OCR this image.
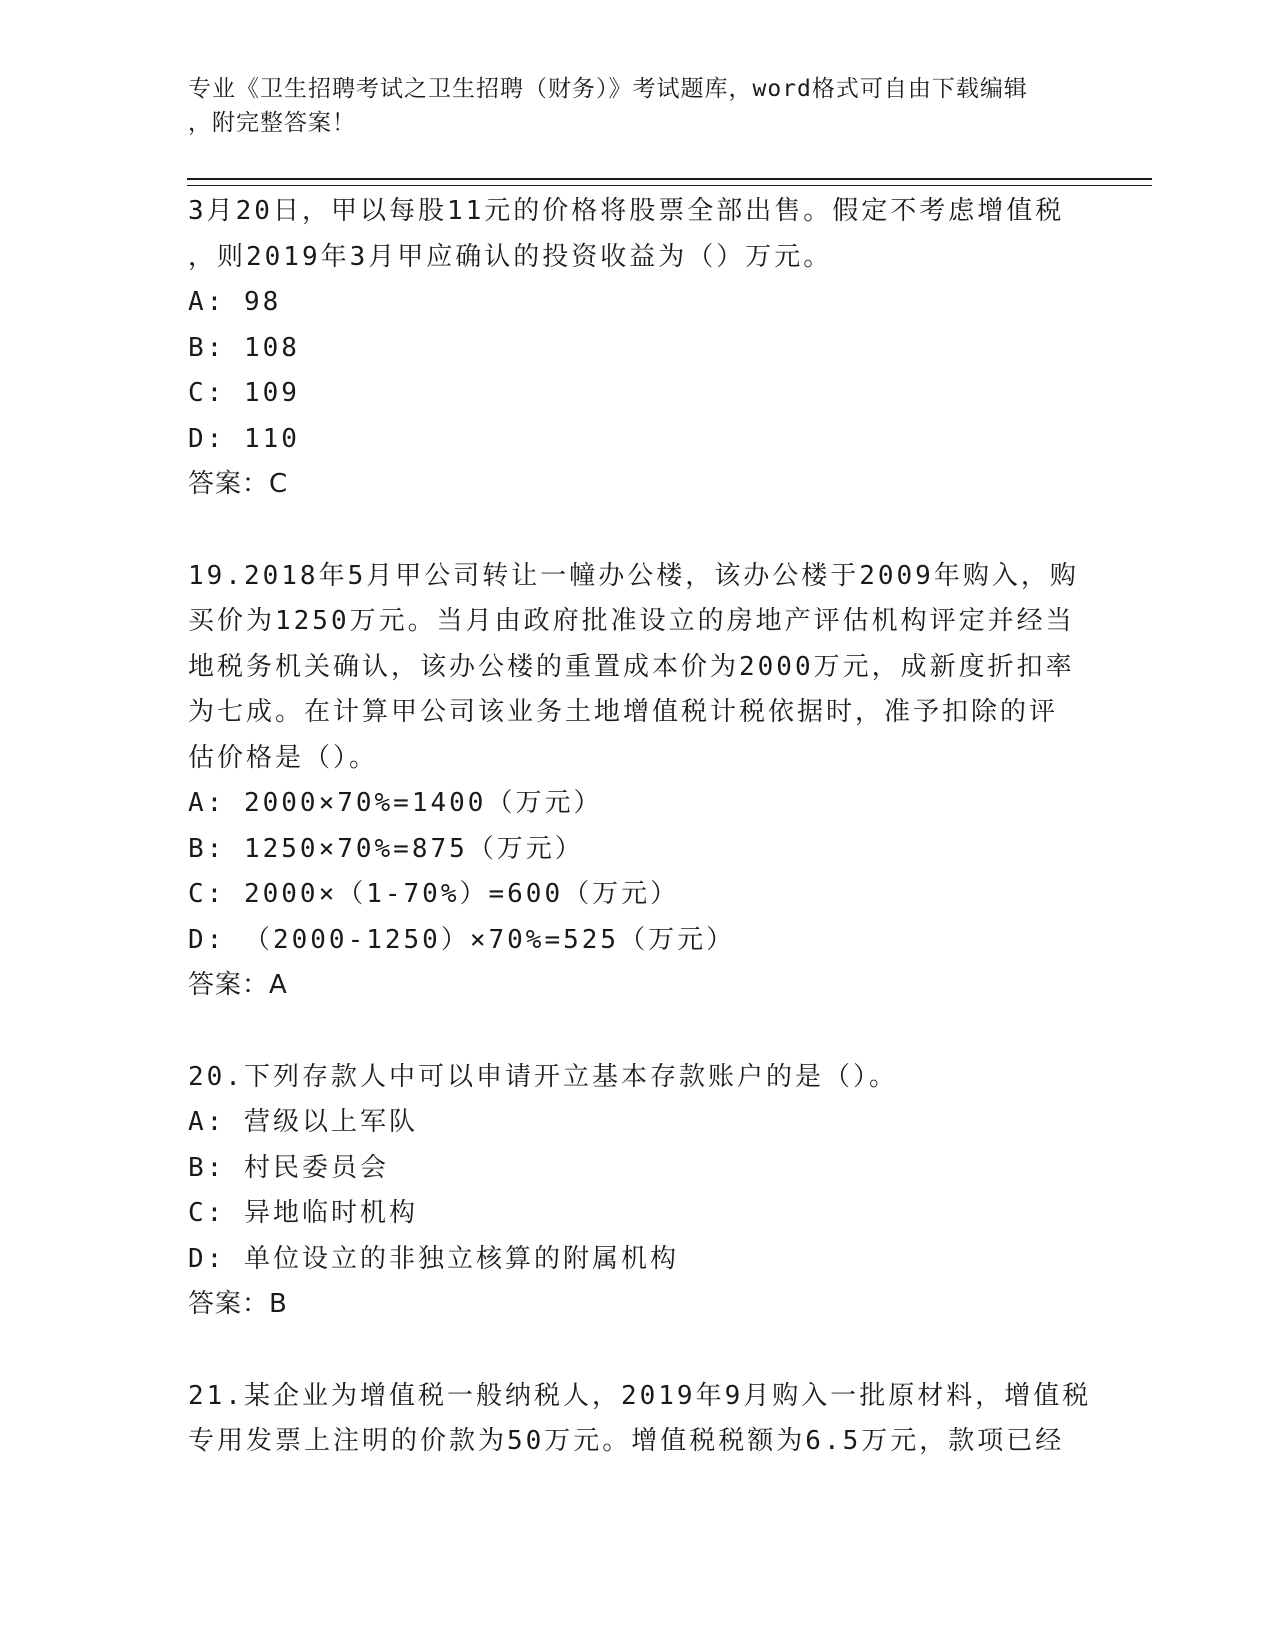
专业《卫生招聘考试之卫生招聘（财务）》考试题库，word格式可自由下载编辑
，附完整答案！
3月20日，甲以每股11元的价格将股票全部出售。假定不考虑增值税
，则2019年3月甲应确认的投资收益为（）万元。
A: 98
B: 108
C: 109
D: 110
答案：C
19.2018年5月甲公司转让一幢办公楼，该办公楼于2009年购入，购
买价为1250万元。当月由政府批准设立的房地产评估机构评定并经当
地税务机关确认，该办公楼的重置成本价为2000万元，成新度折扣率
为七成。在计算甲公司该业务土地增值税计税依据时，准予扣除的评
估价格是（）。
A: 2000×70%=1400（万元）
B: 1250×70%=875（万元）
C: 2000×（1-70%）=600（万元）
D: （2000-1250）×70%=525（万元）
答案：A
20.下列存款人中可以申请开立基本存款账户的是（）。
A: 营级以上军队
B: 村民委员会
C: 异地临时机构
D: 单位设立的非独立核算的附属机构
答案：B
21.某企业为增值税一般纳税人，2019年9月购入一批原材料，增值税
专用发票上注明的价款为50万元。增值税税额为6.5万元，款项已经
